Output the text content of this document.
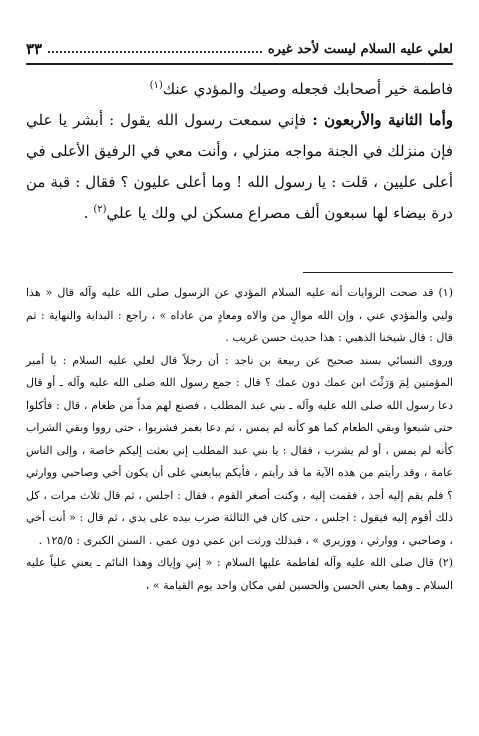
لعلي عليه السلام ليست لأحد غيره
٣٣

فاطمة خير أصحابك فجعله وصيك والمؤدي عنك$^{(١)}$

وأما الثانية والأربعون : فإني سمعت رسول الله يقول : أبشر يا علي فإن منزلك في الجنة مواجه منزلي ، وأنت معي في الرفيق الأعلى في أعلى عليين ، قلت : يا رسول الله ! وما أعلى عليون ؟ فقال : قبة من درة بيضاء لها سبعون ألف مصراع مسكن لي ولك يا علي$^{(٢)}$ .

(١) قد صحت الروايات أنه عليه السلام المؤدي عن الرسول صلى الله عليه وآله قال « هذا وليي والمؤدي عني ، وإن الله موالٍ من والاه ومعادٍ من عاداه » ، راجع : البداية والنهاية : ثم قال : قال شيخنا الذهبي : هذا حديث حسن غريب .

وروى النسائي بسند صحيح عن ربيعة بن ناجد : أن رجلاً قال لعلي عليه السلام : يا أمير المؤمنين لِمَ وَرَثْتَ ابن عمك دون عمك ؟ قال : جمع رسول الله صلى الله عليه وآله ـ أو قال دعا رسول الله صلى الله عليه وآله ـ بني عبد المطلب ، فصنع لهم مداً من طعام ، قال : فأكلوا حتى شبعوا وبقي الطعام كما هو كأنه لم يمس ، ثم دعا بغمر فشربوا ، حتى رووا وبقي الشراب كأنه لم يمس ، أو لم يشرب ، فقال : يا بني عبد المطلب إني بعثت إليكم خاصة ، وإلى الناس عامة ، وقد رأيتم من هذه الآية ما قد رأيتم ، فأيكم يبايعني على أن يكون أخي وصاحبي ووارثي ؟ فلم يقم إليه أحد ، فقمت إليه ، وكنت أصغر القوم ، فقال : اجلس ، ثم قال ثلاث مرات ، كل ذلك أقوم إليه فيقول : اجلس ، حتى كان في الثالثة ضرب بيده على يدي ، ثم قال : « أنت أخي ، وصاحبي ، ووارثي ، ووزيري » ، فبذلك ورثت ابن عمي دون عمي . السنن الكبرى : ١٢٥/٥ .

(٢) قال صلى الله عليه وآله لفاطمة عليها السلام : « إني وإياك وهذا النائم ـ يعني علياً عليه السلام ـ وهما يعني الحسن والحسين لفي مكان واحد يوم القيامة » ،
